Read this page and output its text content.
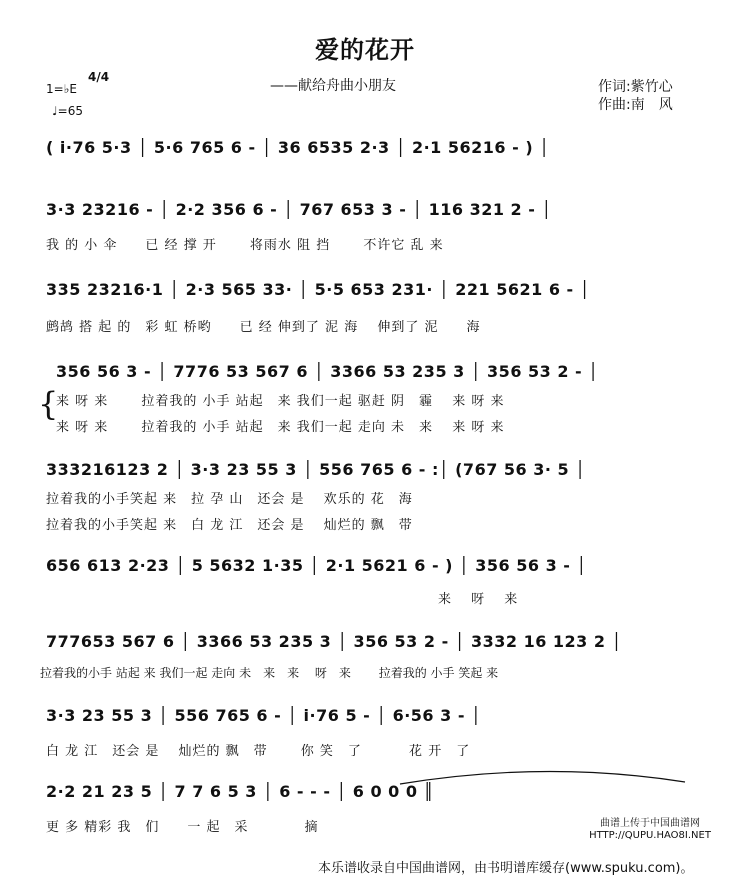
爱的花开
——献给舟曲小朋友	作词:紫竹心
作曲:南　风
1=♭E
4/4
♩=65
( i·76 5·3 │ 5·6 765 6 - │ 36 6535 2·3 │ 2·1 56216 - ) │
3·3 23216 - │ 2·2 356 6 - │ 767 653 3 - │ 116 321 2 - │
我 的 小 伞　　已 经 撑 开　　 将雨水 阻 挡　　 不许它 乱 来
335 23216·1 │ 2·3 565 33· │ 5·5 653 231· │ 221 5621 6 - │
鹧鸪 搭 起 的　彩 虹 桥哟　　已 经 伸到了 泥 海　 伸到了 泥　　海
{
356 56 3 - │ 7776 53 567 6 │ 3366 53 235 3 │ 356 53 2 - │
来 呀 来　　 拉着我的 小手 站起　来 我们一起 驱赶 阴　霾　 来 呀 来
来 呀 来　　 拉着我的 小手 站起　来 我们一起 走向 未　来　 来 呀 来
333216123 2 │ 3·3 23 55 3 │ 556 765 6 - :│ (767 56 3· 5 │
拉着我的小手笑起 来　拉 孕 山　还会 是　 欢乐的 花　海
拉着我的小手笑起 来　白 龙 江　还会 是　 灿烂的 飘　带
656 613 2·23 │ 5 5632 1·35 │ 2·1 5621 6 - ) │ 356 56 3 - │
　　　　　　　　　　　　　　　　　　　　　　　　　　　　来　 呀　 来
777653 567 6 │ 3366 53 235 3 │ 356 53 2 - │ 3332 16 123 2 │
拉着我的小手 站起 来 我们一起 走向 未　来　来　 呀　来　　 拉着我的 小手 笑起 来
3·3 23 55 3 │ 556 765 6 - │ i·76 5 - │ 6·56 3 - │
白 龙 江　还会 是　 灿烂的 飘　带　　 你 笑　了　　　 花 开　了
2·2 21 23 5 │ 7 7 6 5 3 │ 6 - - - │ 6 0 0 0 ║
更 多 精彩 我　们　　一 起　采　　　　摘	曲谱上传于中国曲谱网 HTTP://QUPU.HAO8I.NET
本乐谱收录自中国曲谱网，由书明谱库缓存(www.spuku.com)。
